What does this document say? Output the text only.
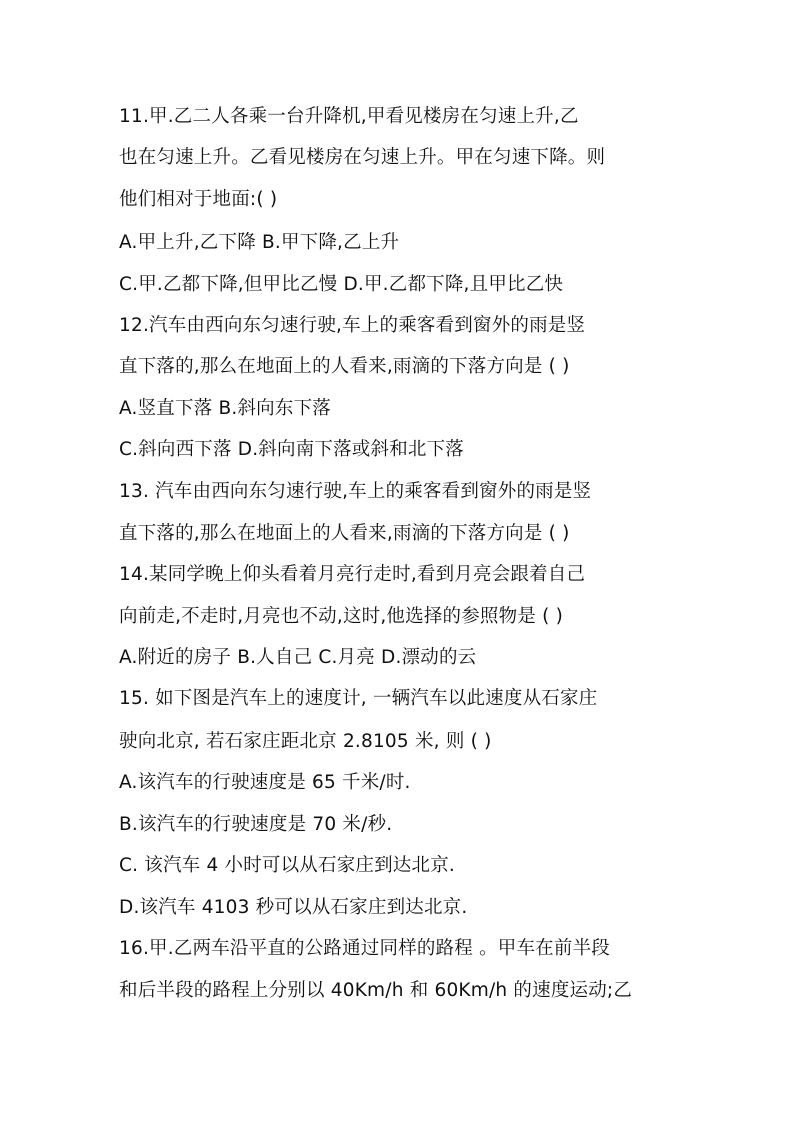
11.甲.乙二人各乘一台升降机,甲看见楼房在匀速上升,乙
也在匀速上升。乙看见楼房在匀速上升。甲在匀速下降。则
他们相对于地面:( )
A.甲上升,乙下降 B.甲下降,乙上升
C.甲.乙都下降,但甲比乙慢 D.甲.乙都下降,且甲比乙快
12.汽车由西向东匀速行驶,车上的乘客看到窗外的雨是竖
直下落的,那么在地面上的人看来,雨滴的下落方向是 ( )
A.竖直下落 B.斜向东下落
C.斜向西下落 D.斜向南下落或斜和北下落
13. 汽车由西向东匀速行驶,车上的乘客看到窗外的雨是竖
直下落的,那么在地面上的人看来,雨滴的下落方向是 ( )
14.某同学晚上仰头看着月亮行走时,看到月亮会跟着自己
向前走,不走时,月亮也不动,这时,他选择的参照物是 ( )
A.附近的房子 B.人自己 C.月亮 D.漂动的云
15. 如下图是汽车上的速度计, 一辆汽车以此速度从石家庄
驶向北京, 若石家庄距北京 2.8105 米, 则 ( )
A.该汽车的行驶速度是 65 千米/时.
B.该汽车的行驶速度是 70 米/秒.
C. 该汽车 4 小时可以从石家庄到达北京.
D.该汽车 4103 秒可以从石家庄到达北京.
16.甲.乙两车沿平直的公路通过同样的路程 。甲车在前半段
和后半段的路程上分别以 40Km/h 和 60Km/h 的速度运动;乙
